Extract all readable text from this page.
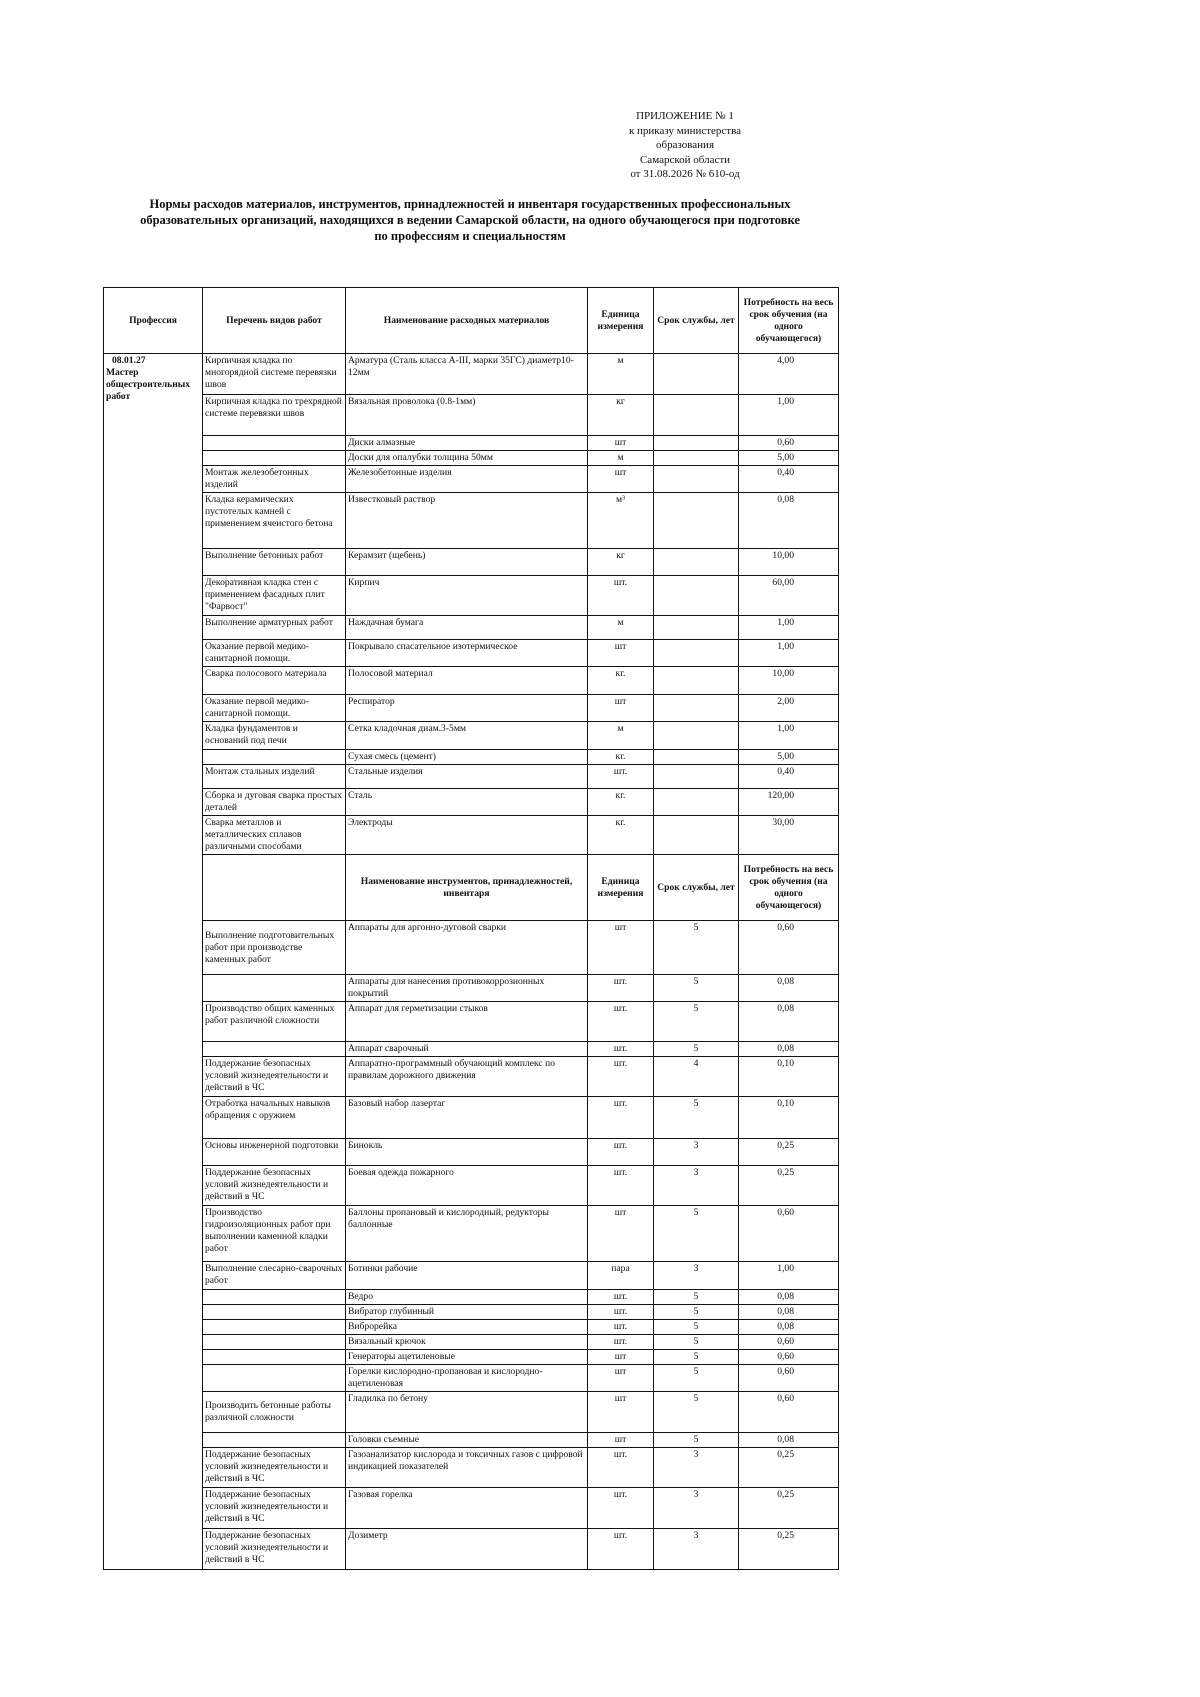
ПРИЛОЖЕНИЕ № 1
к приказу министерства
образования
Самарской области
от 31.08.2026 № 610-од
Нормы расходов материалов, инструментов, принадлежностей и инвентаря государственных профессиональных
образовательных организаций, находящихся в ведении Самарской области, на одного обучающегося при подготовке
по профессиям и специальностям
Профессия	Перечень видов работ	Наименование расходных материалов	Единица измерения	Срок службы, лет	Потребность на весь срок обучения (на одного обучающегося)

08.01.27
Мастер общестроительных работ	Кирпичная кладка по многорядной системе перевязки швов	Арматура (Сталь класса А-III, марки 35ГС) диаметр10-12мм	м		4,00
	Кирпичная кладка по трехрядной системе перевязки швов	Вязальная проволока (0.8-1мм)	кг		1,00
		Диски алмазные	шт		0,60
		Доски для опалубки толщина 50мм	м		5,00
	Монтаж железобетонных изделий	Железобетонные изделия	шт		0,40
	Кладка керамических пустотелых камней с применением ячеистого бетона	Известковый раствор	м³		0,08
	Выполнение бетонных работ	Керамзит (щебень)	кг		10,00
	Декоративная кладка стен с применением фасадных плит "Фарвост"	Кирпич	шт.		60,00
	Выполнение арматурных работ	Наждачная бумага	м		1,00
	Оказание первой медико-санитарной помощи.	Покрывало спасательное изотермическое	шт		1,00
	Сварка полосового материала	Полосовой материал	кг.		10,00
	Оказание первой медико-санитарной помощи.	Респиратор	шт		2,00
	Кладка фундаментов и оснований под печи	Сетка кладочная диам.3-5мм	м		1,00
		Сухая смесь (цемент)	кг.		5,00
	Монтаж стальных изделий	Стальные изделия	шт.		0,40
	Сборка и дуговая сварка простых деталей	Сталь	кг.		120,00
	Сварка металлов и металлических сплавов различными способами	Электроды	кг.		30,00
		Наименование инструментов, принадлежностей, инвентаря	Единица измерения	Срок службы, лет	Потребность на весь срок обучения (на одного обучающегося)
	Выполнение подготовительных работ при производстве каменных работ	Аппараты для аргонно-дуговой сварки	шт	5	0,60
		Аппараты для нанесения противокоррозионных покрытий	шт.	5	0,08
	Производство общих каменных работ различной сложности	Аппарат для герметизации стыков	шт.	5	0,08
		Аппарат сварочный	шт.	5	0,08
	Поддержание безопасных условий жизнедеятельности и действий в ЧС	Аппаратно-программный обучающий комплекс по правилам дорожного движения	шт.	4	0,10
	Отработка начальных навыков обращения с оружием	Базовый набор лазертаг	шт.	5	0,10
	Основы инженерной подготовки	Бинокль	шт.	3	0,25
	Поддержание безопасных условий жизнедеятельности и действий в ЧС	Боевая одежда пожарного	шт.	3	0,25
	Производство гидроизоляционных работ при выполнении каменной кладки работ	Баллоны пропановый и кислородный, редукторы баллонные	шт	5	0,60
	Выполнение слесарно-сварочных работ	Ботинки рабочие	пара	3	1,00
		Ведро	шт.	5	0,08
		Вибратор глубинный	шт.	5	0,08
		Виброрейка	шт.	5	0,08
		Вязальный крючок	шт.	5	0,60
		Генераторы ацетиленовые	шт	5	0,60
		Горелки кислородно-пропановая и кислородно-ацетиленовая	шт	5	0,60
	Производить бетонные работы различной сложности	Гладилка по бетону	шт	5	0,60
		Головки съемные	шт	5	0,08
	Поддержание безопасных условий жизнедеятельности и действий в ЧС	Газоанализатор кислорода и токсичных газов с цифровой индикацией показателей	шт.	3	0,25
	Поддержание безопасных условий жизнедеятельности и действий в ЧС	Газовая горелка	шт.	3	0,25
	Поддержание безопасных условий жизнедеятельности и действий в ЧС	Дозиметр	шт.	3	0,25
